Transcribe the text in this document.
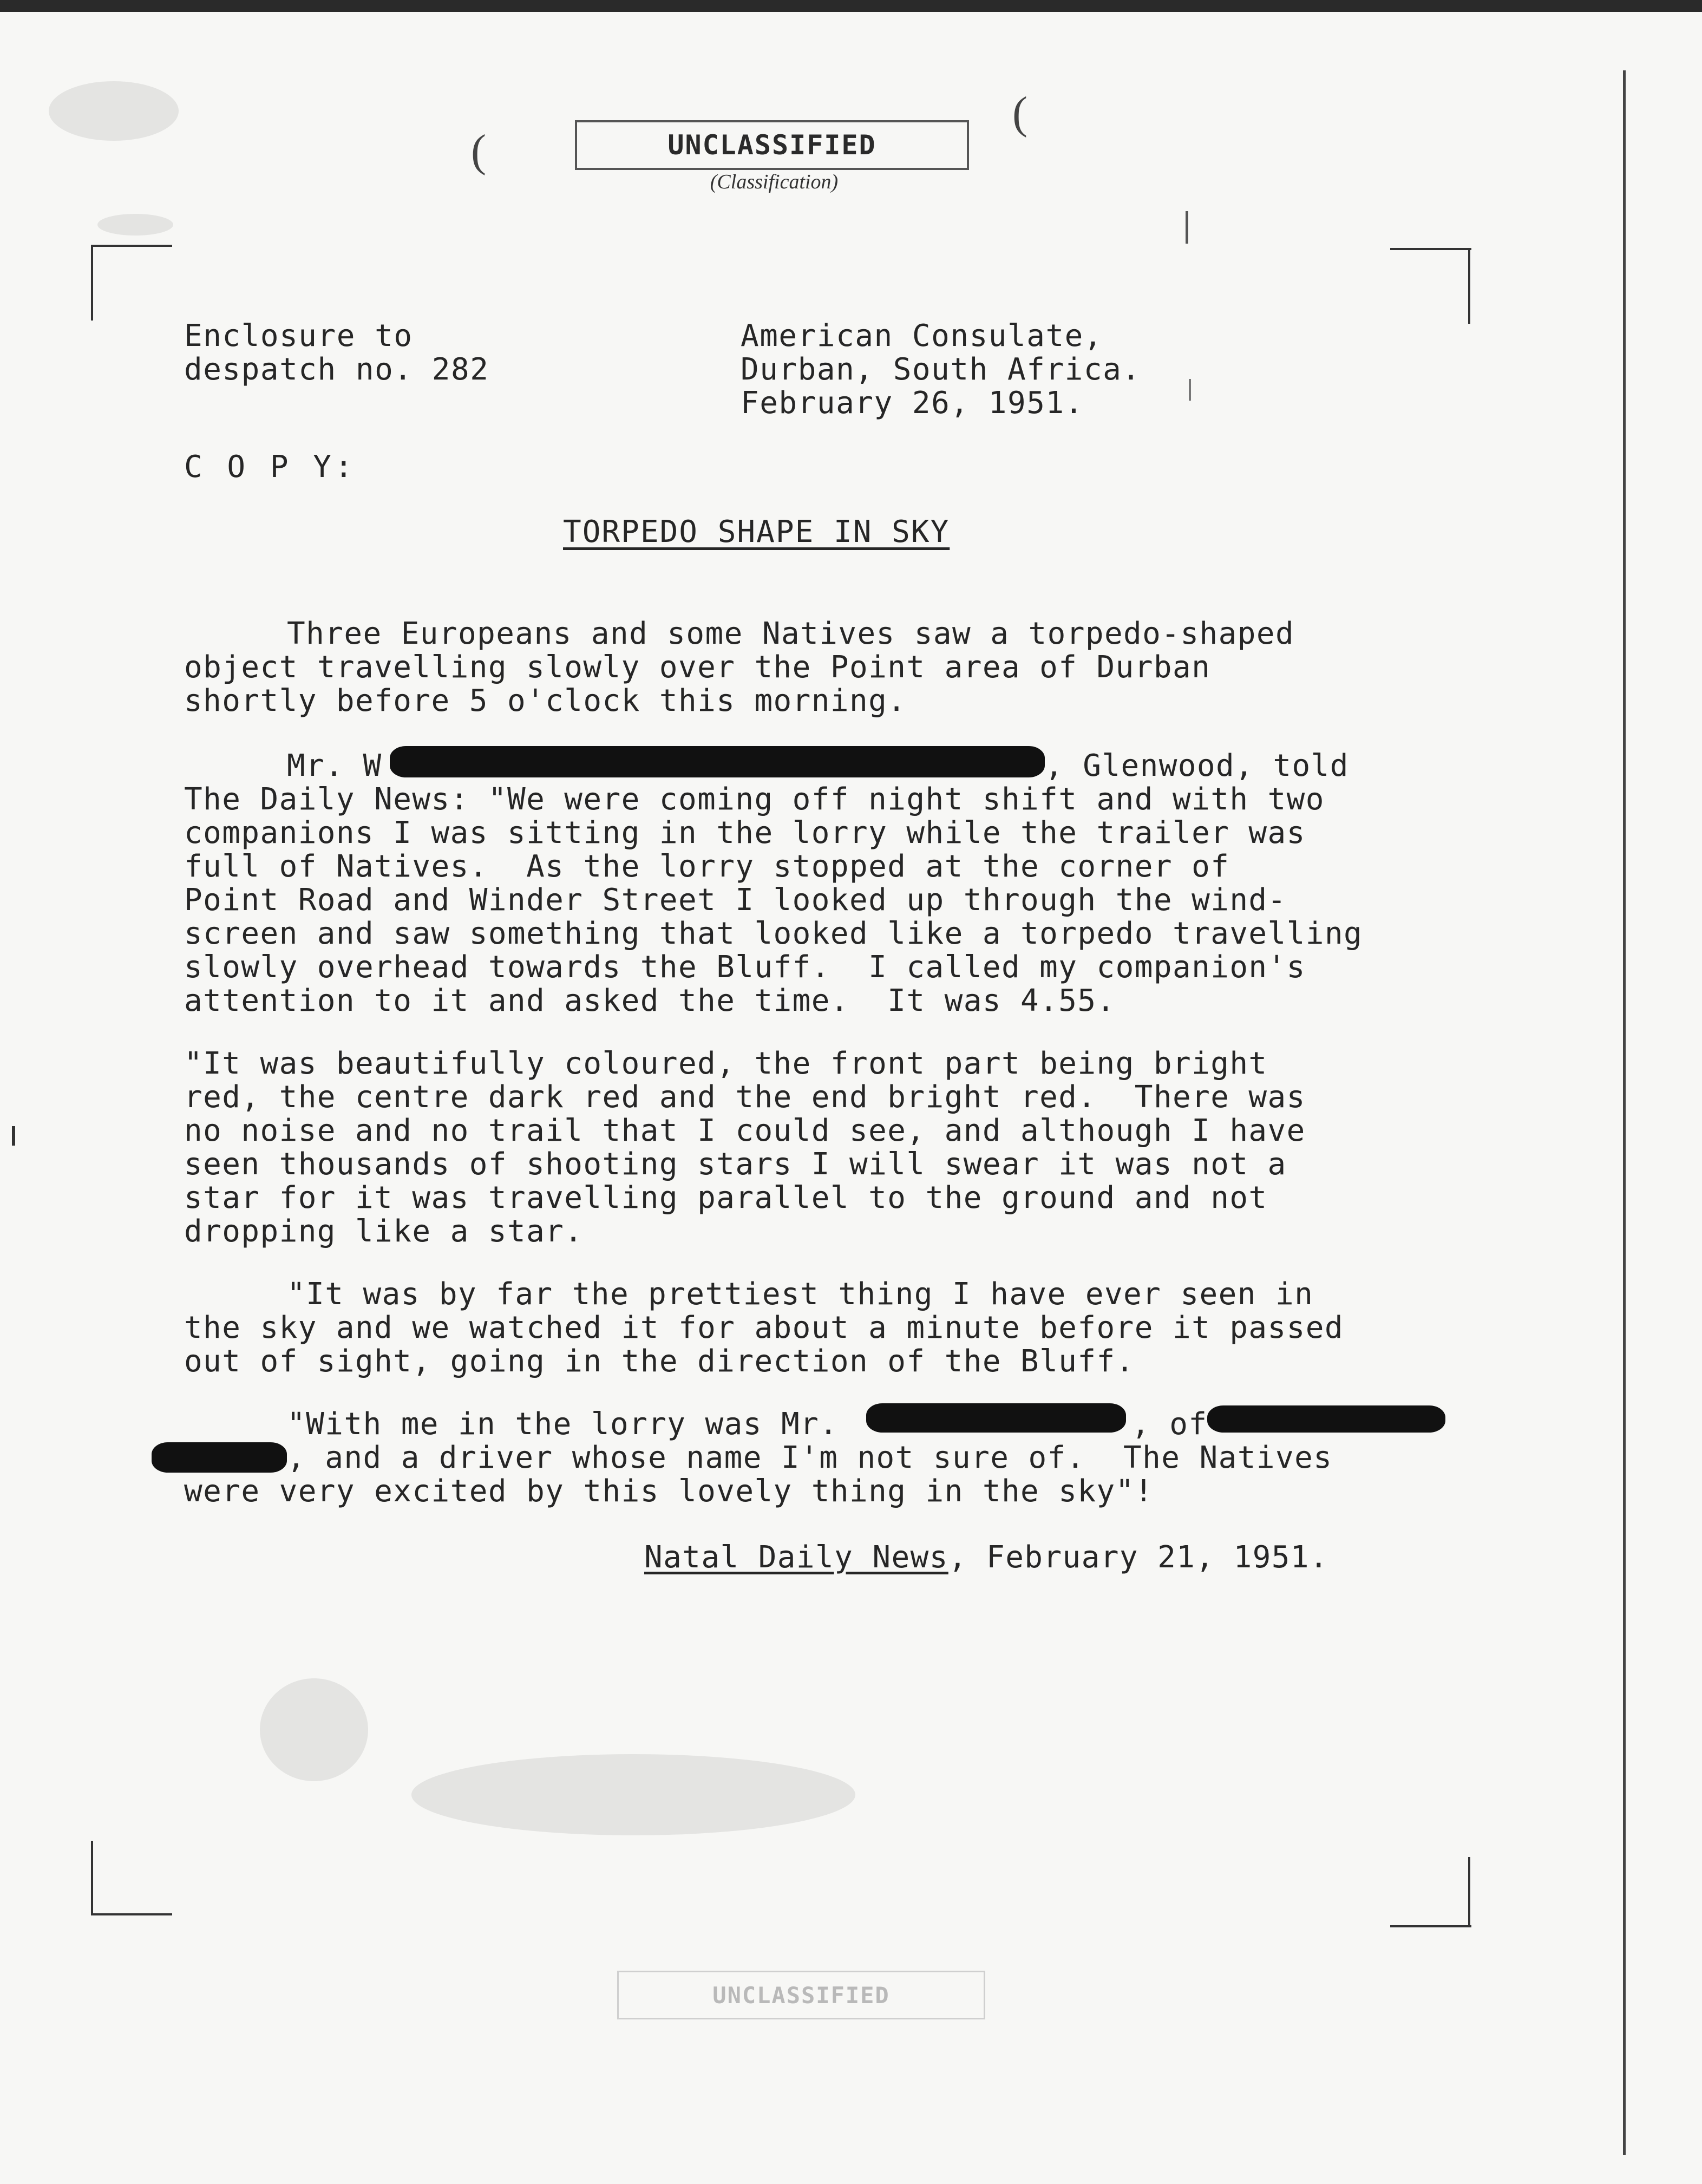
(	UNCLASSIFIED
(Classification)
(
Enclosure to
despatch no. 282
American Consulate,
Durban, South Africa.
February 26, 1951.
C O P Y:
TORPEDO SHAPE IN SKY
Three Europeans and some Natives saw a torpedo-shaped
object travelling slowly over the Point area of Durban
shortly before 5 o'clock this morning.
Mr. W	, Glenwood, told
The Daily News: "We were coming off night shift and with two
companions I was sitting in the lorry while the trailer was
full of Natives.  As the lorry stopped at the corner of
Point Road and Winder Street I looked up through the wind-
screen and saw something that looked like a torpedo travelling
slowly overhead towards the Bluff.  I called my companion's
attention to it and asked the time.  It was 4.55.
"It was beautifully coloured, the front part being bright
red, the centre dark red and the end bright red.  There was
no noise and no trail that I could see, and although I have
seen thousands of shooting stars I will swear it was not a
star for it was travelling parallel to the ground and not
dropping like a star.
"It was by far the prettiest thing I have ever seen in
the sky and we watched it for about a minute before it passed
out of sight, going in the direction of the Bluff.
"With me in the lorry was Mr.	, of
, and a driver whose name I'm not sure of.  The Natives
were very excited by this lovely thing in the sky"!
Natal Daily News, February 21, 1951.
UNCLASSIFIED
